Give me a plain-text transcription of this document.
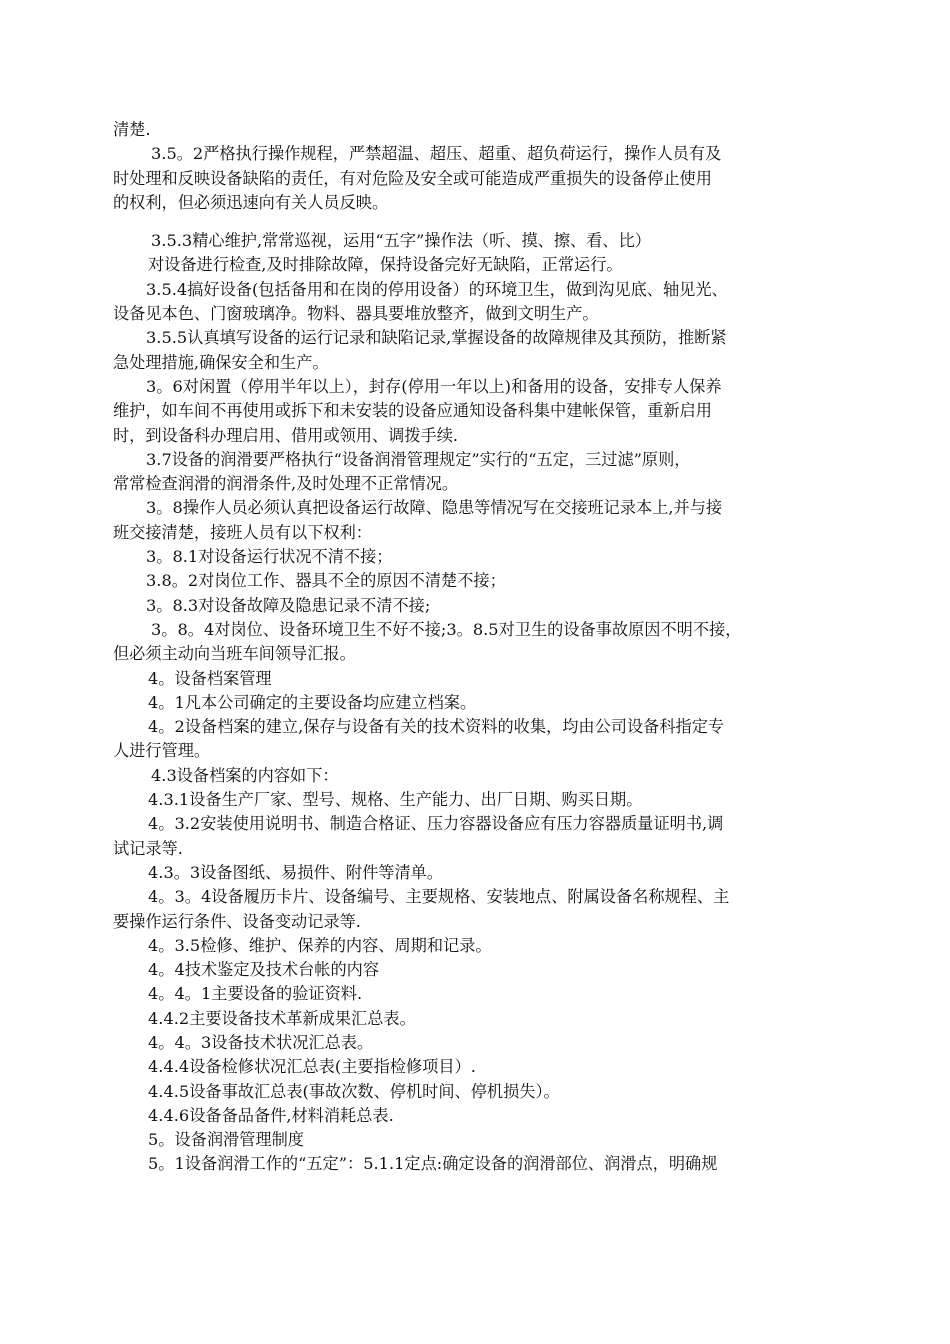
清楚.
3.5。2严格执行操作规程，严禁超温、超压、超重、超负荷运行，操作人员有及
时处理和反映设备缺陷的责任，有对危险及安全或可能造成严重损失的设备停止使用
的权利，但必须迅速向有关人员反映。
3.5.3精心维护,常常巡视，运用“五字”操作法（听、摸、擦、看、比）
对设备进行检查,及时排除故障，保持设备完好无缺陷，正常运行。
3.5.4搞好设备(包括备用和在岗的停用设备）的环境卫生，做到沟见底、轴见光、
设备见本色、门窗玻璃净。物料、器具要堆放整齐，做到文明生产。
3.5.5认真填写设备的运行记录和缺陷记录,掌握设备的故障规律及其预防，推断紧
急处理措施,确保安全和生产。
3。6对闲置（停用半年以上），封存(停用一年以上)和备用的设备，安排专人保养
维护，如车间不再使用或拆下和未安装的设备应通知设备科集中建帐保管，重新启用
时，到设备科办理启用、借用或领用、调拨手续.
3.7设备的润滑要严格执行“设备润滑管理规定”实行的“五定，三过滤”原则，
常常检查润滑的润滑条件,及时处理不正常情况。
3。8操作人员必须认真把设备运行故障、隐患等情况写在交接班记录本上,并与接
班交接清楚，接班人员有以下权利：
3。8.1对设备运行状况不清不接；
3.8。2对岗位工作、器具不全的原因不清楚不接；
3。8.3对设备故障及隐患记录不清不接;
3。8。4对岗位、设备环境卫生不好不接;3。8.5对卫生的设备事故原因不明不接，
但必须主动向当班车间领导汇报。
4。设备档案管理
4。1凡本公司确定的主要设备均应建立档案。
4。2设备档案的建立,保存与设备有关的技术资料的收集，均由公司设备科指定专
人进行管理。
4.3设备档案的内容如下：
4.3.1设备生产厂家、型号、规格、生产能力、出厂日期、购买日期。
4。3.2安装使用说明书、制造合格证、压力容器设备应有压力容器质量证明书,调
试记录等.
4.3。3设备图纸、易损件、附件等清单。
4。3。4设备履历卡片、设备编号、主要规格、安装地点、附属设备名称规程、主
要操作运行条件、设备变动记录等.
4。3.5检修、维护、保养的内容、周期和记录。
4。4技术鉴定及技术台帐的内容
4。4。1主要设备的验证资料.
4.4.2主要设备技术革新成果汇总表。
4。4。3设备技术状况汇总表。
4.4.4设备检修状况汇总表(主要指检修项目）.
4.4.5设备事故汇总表(事故次数、停机时间、停机损失）。
4.4.6设备备品备件,材料消耗总表.
5。设备润滑管理制度
5。1设备润滑工作的“五定”：5.1.1定点:确定设备的润滑部位、润滑点，明确规
